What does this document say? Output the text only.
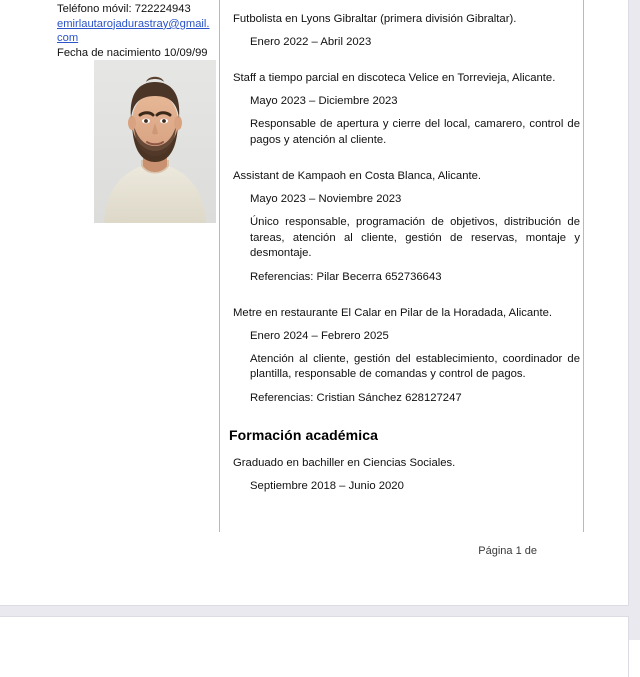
Teléfono móvil: 722224943
emirlautarojadurastray@gmail.com
Fecha de nacimiento 10/09/99
Futbolista en Lyons Gibraltar (primera división Gibraltar).
Enero 2022 – Abril 2023
Staff a tiempo parcial en discoteca Velice en Torrevieja, Alicante.
Mayo 2023 – Diciembre 2023
Responsable de apertura y cierre del local, camarero, control de pagos y atención al cliente.
Assistant de Kampaoh en Costa Blanca, Alicante.
Mayo 2023 – Noviembre 2023
Único responsable, programación de objetivos, distribución de tareas, atención al cliente, gestión de reservas, montaje y desmontaje.
Referencias: Pilar Becerra 652736643
Metre en restaurante El Calar en Pilar de la Horadada, Alicante.
Enero 2024 – Febrero 2025
Atención al cliente, gestión del establecimiento, coordinador de plantilla, responsable de comandas y control de pagos.
Referencias: Cristian Sánchez 628127247
Formación académica
Graduado en bachiller en Ciencias Sociales.
Septiembre 2018 – Junio 2020
Página 1 de
